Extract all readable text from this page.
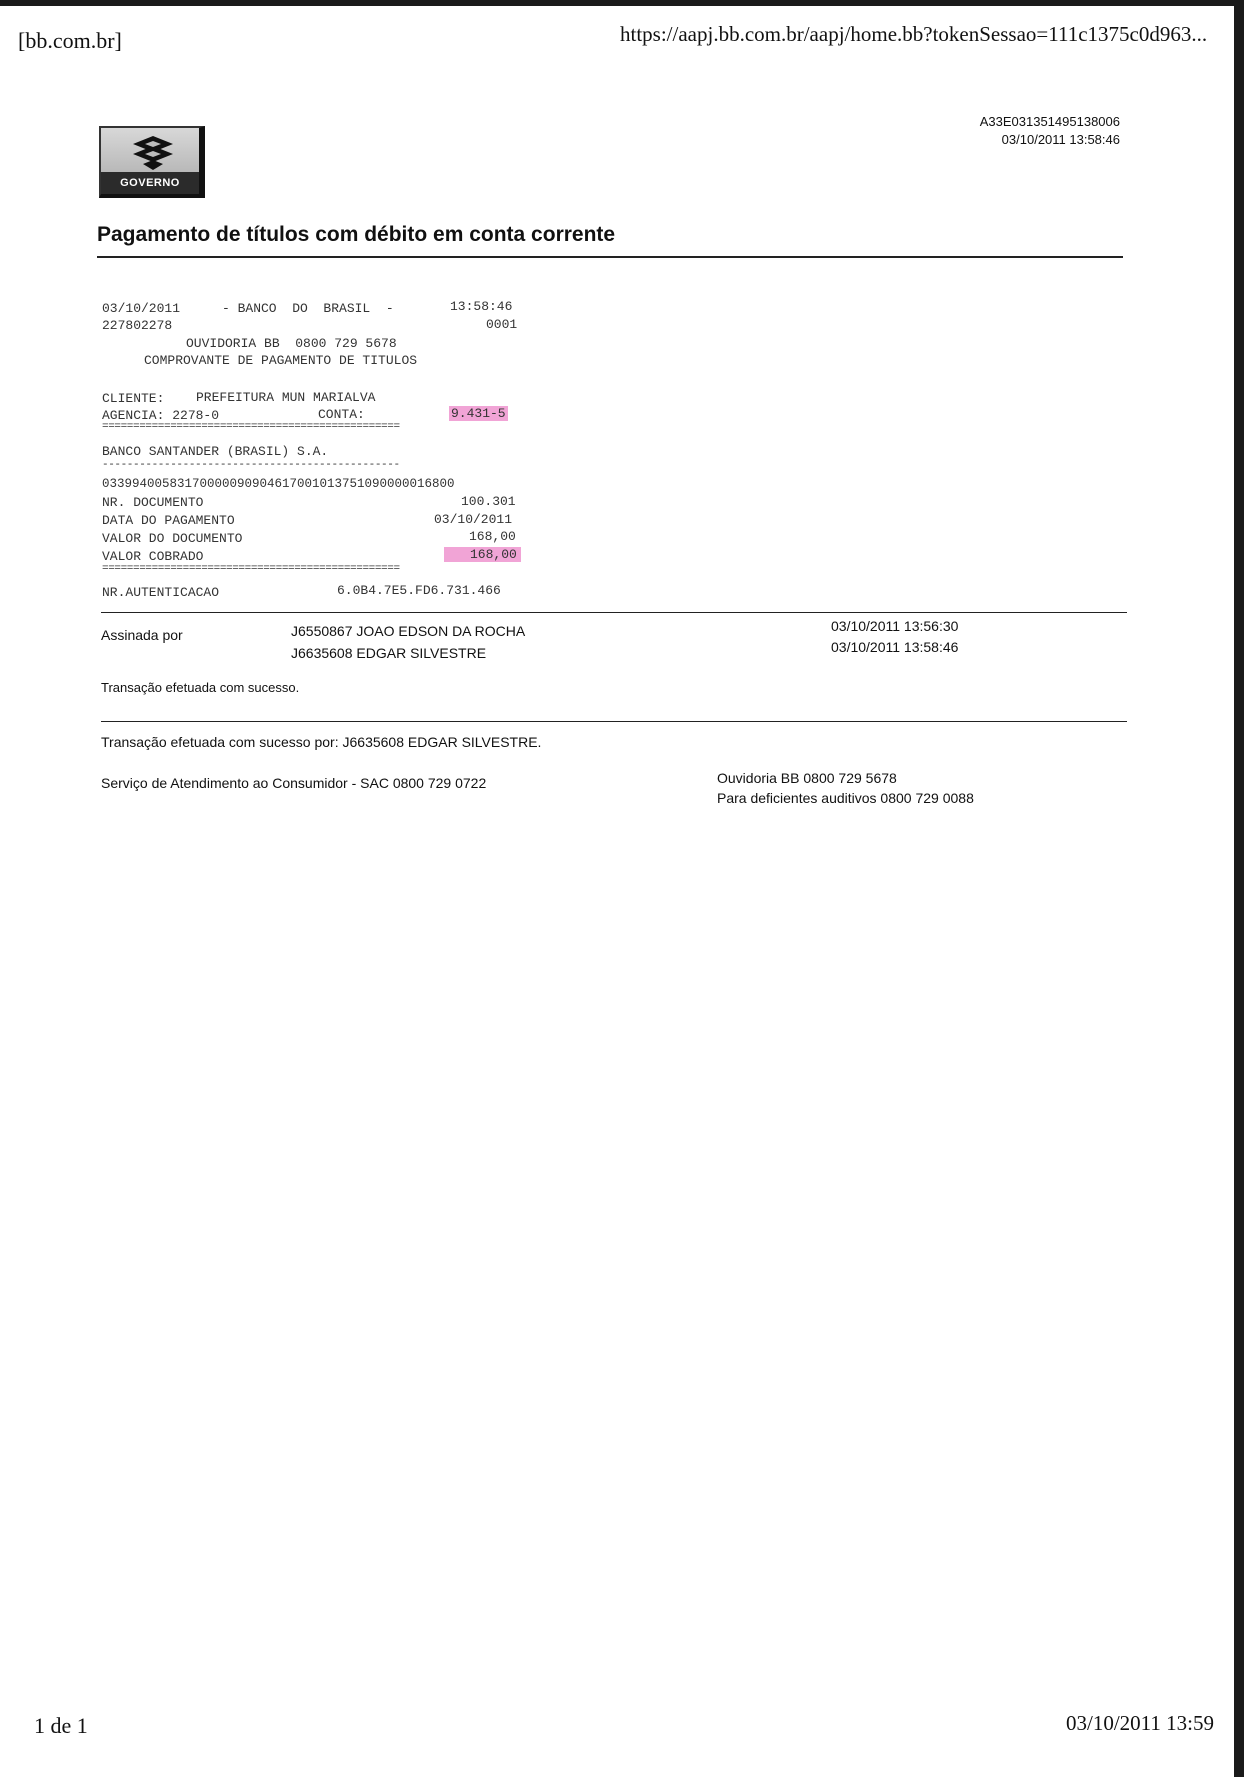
[bb.com.br]	https://aapj.bb.com.br/aapj/home.bb?tokenSessao=111c1375c0d963...
GOVERNO
A33E031351495138006
03/10/2011 13:58:46
Pagamento de títulos com débito em conta corrente
03/10/2011	- BANCO  DO  BRASIL  -	13:58:46
227802278	0001
OUVIDORIA BB  0800 729 5678
COMPROVANTE DE PAGAMENTO DE TITULOS
CLIENTE: PREFEITURA MUN MARIALVA
AGENCIA: 2278-0	CONTA:	9.431-5
================================================
BANCO SANTANDER (BRASIL) S.A.
------------------------------------------------
03399400583170000090904617001013751090000016800
NR. DOCUMENTO	100.301
DATA DO PAGAMENTO	03/10/2011
VALOR DO DOCUMENTO	168,00
VALOR COBRADO	168,00
================================================
NR.AUTENTICACAO	6.0B4.7E5.FD6.731.466
Assinada por	J6550867 JOAO EDSON DA ROCHA	03/10/2011 13:56:30
J6635608 EDGAR SILVESTRE	03/10/2011 13:58:46
Transação efetuada com sucesso.
Transação efetuada com sucesso por: J6635608 EDGAR SILVESTRE.
Serviço de Atendimento ao Consumidor - SAC 0800 729 0722	Ouvidoria BB 0800 729 5678
Para deficientes auditivos 0800 729 0088
1 de 1	03/10/2011 13:59
